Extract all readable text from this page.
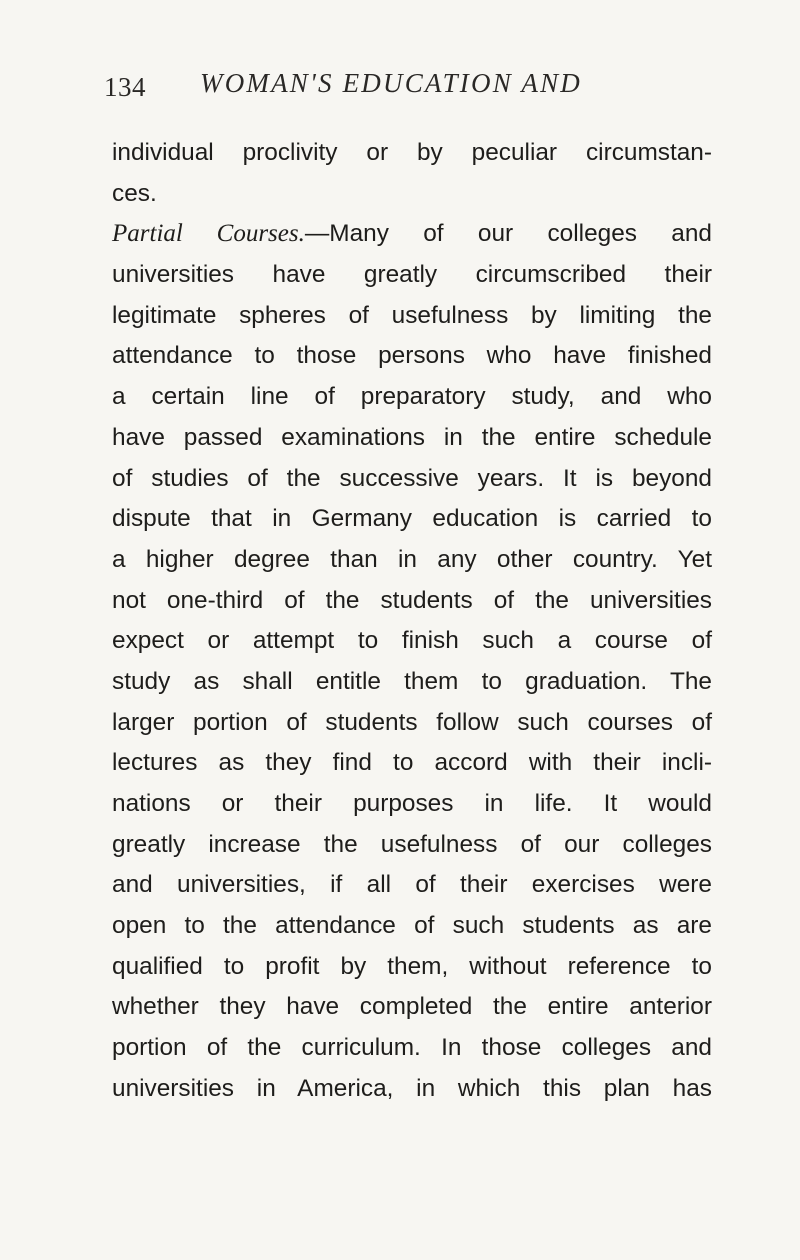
134 WOMAN'S EDUCATION AND
individual proclivity or by peculiar circumstan-
ces.
Partial Courses.—Many of our colleges and
universities have greatly circumscribed their
legitimate spheres of usefulness by limiting the
attendance to those persons who have finished
a certain line of preparatory study, and who
have passed examinations in the entire schedule
of studies of the successive years. It is beyond
dispute that in Germany education is carried to
a higher degree than in any other country. Yet
not one-third of the students of the universities
expect or attempt to finish such a course of
study as shall entitle them to graduation. The
larger portion of students follow such courses of
lectures as they find to accord with their incli-
nations or their purposes in life. It would
greatly increase the usefulness of our colleges
and universities, if all of their exercises were
open to the attendance of such students as are
qualified to profit by them, without reference to
whether they have completed the entire anterior
portion of the curriculum. In those colleges and
universities in America, in which this plan has
